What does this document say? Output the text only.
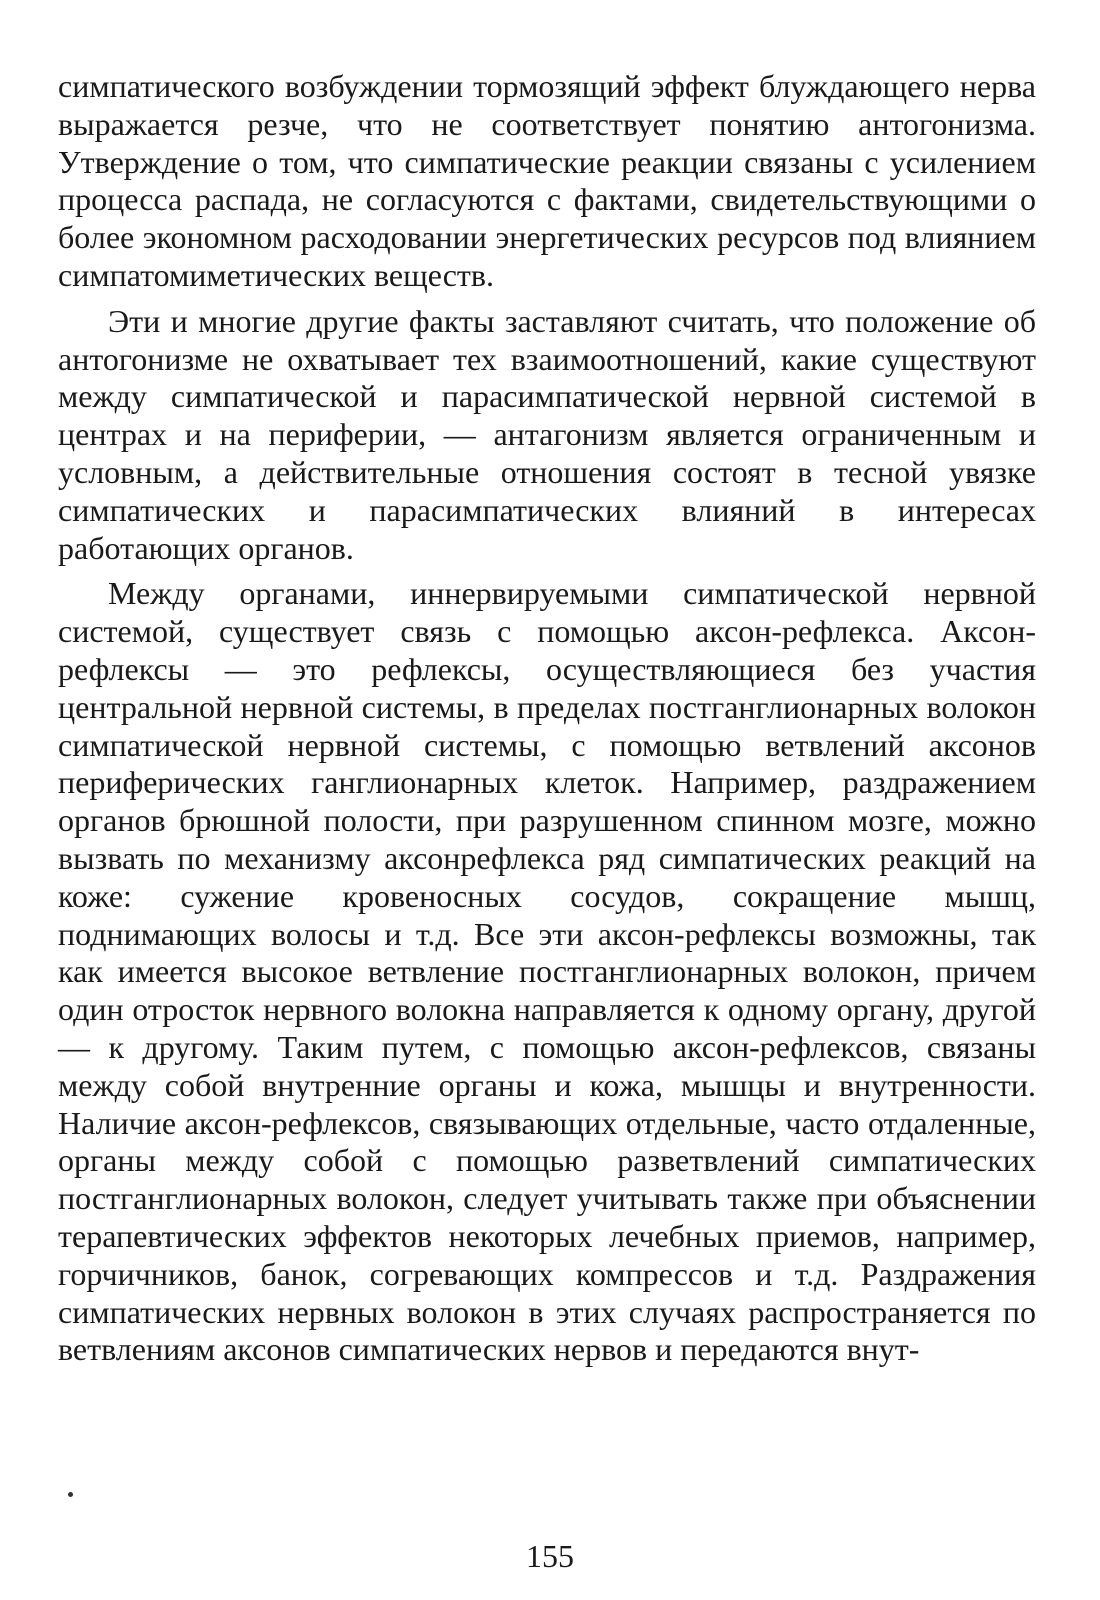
симпатического возбуждении тормозящий эффект блуждающего нерва выражается резче, что не соответствует понятию антогонизма. Утверждение о том, что симпатические реакции связаны с усилением процесса распада, не согласуются с фактами, свидетельствующими о более экономном расходовании энергетических ресурсов под влиянием симпатомиметических веществ.

Эти и многие другие факты заставляют считать, что положение об антогонизме не охватывает тех взаимоотношений, какие существуют между симпатической и парасимпатической нервной системой в центрах и на периферии, — антагонизм является ограниченным и условным, а действительные отношения состоят в тесной увязке симпатических и парасимпатических влияний в интересах работающих органов.

Между органами, иннервируемыми симпатической нервной системой, существует связь с помощью аксон-рефлекса. Аксон-рефлексы — это рефлексы, осуществляющиеся без участия центральной нервной системы, в пределах постганглионарных волокон симпатической нервной системы, с помощью ветвлений аксонов периферических ганглионарных клеток. Например, раздражением органов брюшной полости, при разрушенном спинном мозге, можно вызвать по механизму аксонрефлекса ряд симпатических реакций на коже: сужение кровеносных сосудов, сокращение мышц, поднимающих волосы и т.д. Все эти аксон-рефлексы возможны, так как имеется высокое ветвление постганглионарных волокон, причем один отросток нервного волокна направляется к одному органу, другой — к другому. Таким путем, с помощью аксон-рефлексов, связаны между собой внутренние органы и кожа, мышцы и внутренности. Наличие аксон-рефлексов, связывающих отдельные, часто отдаленные, органы между собой с помощью разветвлений симпатических постганглионарных волокон, следует учитывать также при объяснении терапевтических эффектов некоторых лечебных приемов, например, горчичников, банок, согревающих компрессов и т.д. Раздражения симпатических нервных волокон в этих случаях распространяется по ветвлениям аксонов симпатических нервов и передаются внут-

155
